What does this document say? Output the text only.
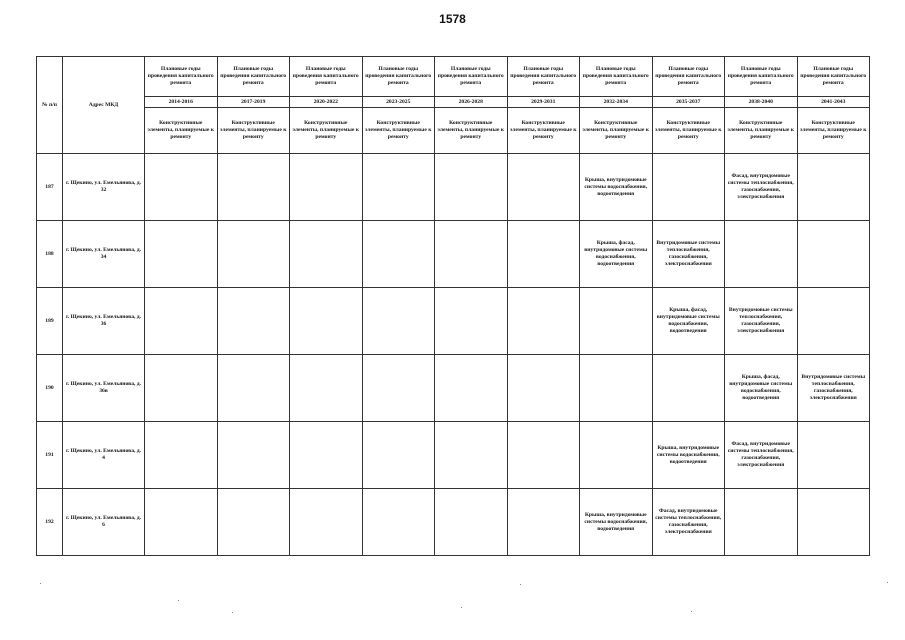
1578
№ п/п	Адрес МКД	Плановые годы проведения капитального ремонта	Плановые годы проведения капитального ремонта	Плановые годы проведения капитального ремонта	Плановые годы проведения капитального ремонта	Плановые годы проведения капитального ремонта	Плановые годы проведения капитального ремонта	Плановые годы проведения капитального ремонта	Плановые годы проведения капитального ремонта	Плановые годы проведения капитального ремонта	Плановые годы проведения капитального ремонта
		2014-2016	2017-2019	2020-2022	2023-2025	2026-2028	2029-2031	2032-2034	2035-2037	2038-2040	2041-2043
		Конструктивные элементы, планируемые к ремонту	Конструктивные элементы, планируемые к ремонту	Конструктивные элементы, планируемые к ремонту	Конструктивные элементы, планируемые к ремонту	Конструктивные элементы, планируемые к ремонту	Конструктивные элементы, планируемые к ремонту	Конструктивные элементы, планируемые к ремонту	Конструктивные элементы, планируемые к ремонту	Конструктивные элементы, планируемые к ремонту	Конструктивные элементы, планируемые к ремонту
187	г. Щекино, ул. Емельянова, д. 32							Крыша, внутридомовые системы водоснабжения, водоотведения		Фасад, внутридомовые системы теплоснабжения, газоснабжения, электроснабжения	
188	г. Щекино, ул. Емельянова, д. 34							Крыша, фасад, внутридомовые системы водоснабжения, водоотведения	Внутридомовые системы теплоснабжения, газоснабжения, электроснабжения		
189	г. Щекино, ул. Емельянова, д. 36								Крыша, фасад, внутридомовые системы водоснабжения, водоотведения	Внутридомовые системы теплоснабжения, газоснабжения, электроснабжения	
190	г. Щекино, ул. Емельянова, д. 36в									Крыша, фасад, внутридомовые системы водоснабжения, водоотведения	Внутридомовые системы теплоснабжения, газоснабжения, электроснабжения
191	г. Щекино, ул. Емельянова, д. 4								Крыша, внутридомовые системы водоснабжения, водоотведения	Фасад, внутридомовые системы теплоснабжения, газоснабжения, электроснабжения	
192	г. Щекино, ул. Емельянова, д. 6							Крыша, внутридомовые системы водоснабжения, водоотведения	Фасад, внутридомовые системы теплоснабжения, газоснабжения, электроснабжения		
